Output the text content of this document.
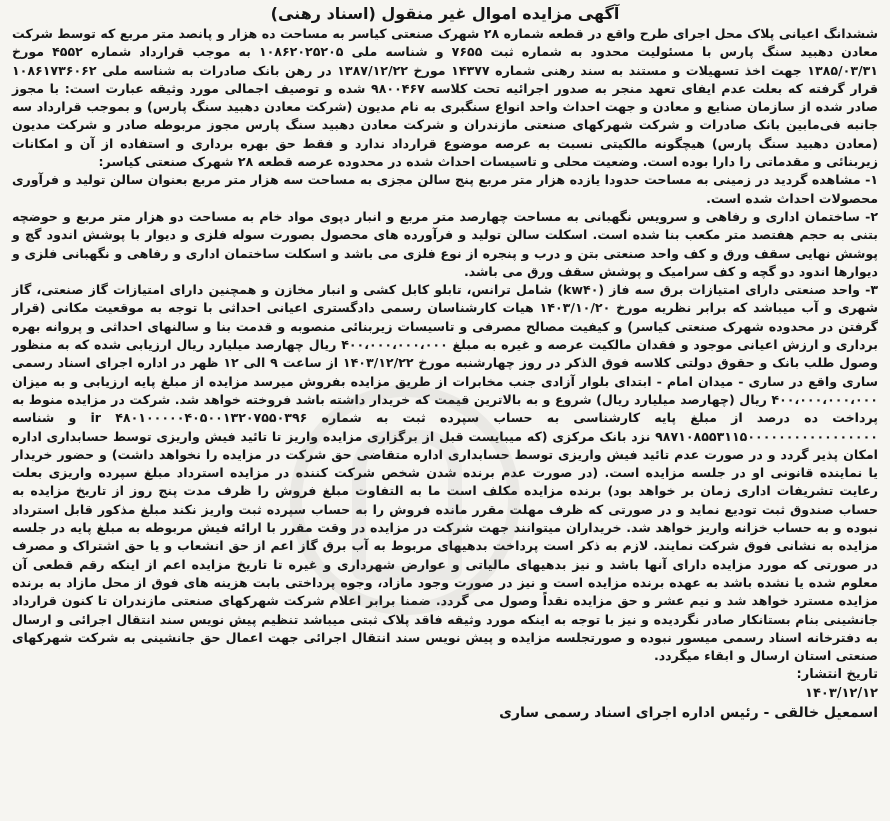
آگهی مزایده اموال غیر منقول (اسناد رهنی)

ششدانگ اعیانی پلاک محل اجرای طرح واقع در قطعه شماره ۲۸ شهرک صنعتی کیاسر به مساحت ده هزار و پانصد متر مربع که توسط شرکت معادن دهبید سنگ پارس با مسئولیت محدود به شماره ثبت ۷۶۵۵ و شناسه ملی ۱۰۸۶۲۰۲۵۲۰۵ به موجب قرارداد شماره ۴۵۵۲ مورخ ۱۳۸۵/۰۳/۳۱ جهت اخذ تسهیلات و مستند به سند رهنی شماره ۱۴۳۷۷ مورخ ۱۳۸۷/۱۲/۲۲ در رهن بانک صادرات به شناسه ملی ۱۰۸۶۱۷۳۶۰۶۲ قرار گرفته که بعلت عدم ایفای تعهد منجر به صدور اجرائیه تحت کلاسه ۹۸۰۰۴۶۷ شده و توصیف اجمالی مورد وثیقه عبارت است: با مجوز صادر شده از سازمان صنایع و معادن و جهت احداث واحد انواع سنگبری به نام مدیون (شرکت معادن دهبید سنگ پارس) و بموجب قرارداد سه جانبه فی‌مابین بانک صادرات و شرکت شهرکهای صنعتی مازندران و شرکت معادن دهبید سنگ پارس مجوز مربوطه صادر و شرکت مدیون (معادن دهبید سنگ پارس) هیچگونه مالکیتی نسبت به عرصه موضوع قرارداد ندارد و فقط حق بهره برداری و استفاده از آن و امکانات زیربنائی و مقدماتی را دارا بوده است. وضعیت محلی و تاسیسات احداث شده در محدوده عرصه قطعه ۲۸ شهرک صنعتی کیاسر:

۱- مشاهده گردید در زمینی به مساحت حدودا یازده هزار متر مربع پنج سالن مجزی به مساحت سه هزار متر مربع بعنوان سالن تولید و فرآوری محصولات احداث شده است.

۲- ساختمان اداری و رفاهی و سرویس نگهبانی به مساحت چهارصد متر مربع و انبار دپوی مواد خام به مساحت دو هزار متر مربع و حوضچه بتنی به حجم هفتصد متر مکعب بنا شده است. اسکلت سالن تولید و فرآورده های محصول بصورت سوله فلزی و دیوار با پوشش اندود گچ و پوشش نهایی سقف ورق و کف واحد صنعتی بتن و درب و پنجره از نوع فلزی می باشد و اسکلت ساختمان اداری و رفاهی و نگهبانی فلزی و دیوارها اندود دو گچه و کف سرامیک و پوشش سقف ورق می باشد.

۳- واحد صنعتی دارای امتیازات برق سه فاز (kw۴۰) شامل ترانس، تابلو کابل کشی و انبار مخازن و همچنین دارای امتیازات گاز صنعتی، گاز شهری و آب میباشد که برابر نظریه مورخ ۱۴۰۳/۱۰/۲۰ هیات کارشناسان رسمی دادگستری اعیانی احداثی با توجه به موقعیت مکانی (قرار گرفتن در محدوده شهرک صنعتی کیاسر) و کیفیت مصالح مصرفی و تاسیسات زیربنائی منصوبه و قدمت بنا و سالنهای احداثی و پروانه بهره برداری و ارزش اعیانی موجود و فقدان مالکیت عرصه و غیره به مبلغ ۴۰۰،۰۰۰،۰۰۰،۰۰۰ ریال چهارصد میلیارد ریال ارزیابی شده که به منظور وصول طلب بانک و حقوق دولتی کلاسه فوق الذکر در روز چهارشنبه مورخ ۱۴۰۳/۱۲/۲۲ از ساعت ۹ الی ۱۲ ظهر در اداره اجرای اسناد رسمی ساری واقع در ساری - میدان امام - ابتدای بلوار آزادی جنب مخابرات از طریق مزایده بفروش میرسد مزایده از مبلغ پایه ارزیابی و به میزان ۴۰۰،۰۰۰،۰۰۰،۰۰۰ ریال (چهارصد میلیارد ریال) شروع و به بالاترین قیمت که خریدار داشته باشد فروخته خواهد شد. شرکت در مزایده منوط به پرداخت ده درصد از مبلغ پایه کارشناسی به حساب سپرده ثبت به شماره ۴۸۰۱۰۰۰۰۰۴۰۵۰۰۱۳۲۰۷۵۵۰۳۹۶ ir و شناسه ۹۸۷۱۰۸۵۵۳۱۱۵۰۰۰۰۰۰۰۰۰۰۰۰۰۰۰۰۰ نزد بانک مرکزی (که میبایست قبل از برگزاری مزایده واریز تا تائید فیش واریزی توسط حسابداری اداره امکان پذیر گردد و در صورت عدم تائید فیش واریزی توسط حسابداری اداره متقاضی حق شرکت در مزایده را نخواهد داشت) و حضور خریدار یا نماینده قانونی او در جلسه مزایده است. (در صورت عدم برنده شدن شخص شرکت کننده در مزایده استرداد مبلغ سپرده واریزی بعلت رعایت تشریفات اداری زمان بر خواهد بود) برنده مزایده مکلف است ما به التفاوت مبلغ فروش را ظرف مدت پنج روز از تاریخ مزایده به حساب صندوق ثبت تودیع نماید و در صورتی که ظرف مهلت مقرر مانده فروش را به حساب سپرده ثبت واریز نکند مبلغ مذکور قابل استرداد نبوده و به حساب خزانه واریز خواهد شد. خریداران میتوانند جهت شرکت در مزایده در وقت مقرر با ارائه فیش مربوطه به مبلغ پایه در جلسه مزایده به نشانی فوق شرکت نمایند. لازم به ذکر است پرداخت بدهیهای مربوط به آب برق گاز اعم از حق انشعاب و یا حق اشتراک و مصرف در صورتی که مورد مزایده دارای آنها باشد و نیز بدهیهای مالیاتی و عوارض شهرداری و غیره تا تاریخ مزایده اعم از اینکه رقم قطعی آن معلوم شده یا نشده باشد به عهده برنده مزایده است و نیز در صورت وجود مازاد، وجوه پرداختی بابت هزینه های فوق از محل مازاد به برنده مزایده مسترد خواهد شد و نیم عشر و حق مزایده نقداً وصول می گردد. ضمنا برابر اعلام شرکت شهرکهای صنعتی مازندران تا کنون قرارداد جانشینی بنام بستانکار صادر نگردیده و نیز با توجه به اینکه مورد وثیقه فاقد پلاک ثبتی میباشد تنظیم پیش نویس سند انتقال اجرائی و ارسال به دفترخانه اسناد رسمی میسور نبوده و صورتجلسه مزایده و پیش نویس سند انتقال اجرائی جهت اعمال حق جانشینی به شرکت شهرکهای صنعتی استان ارسال و ابقاء میگردد.

تاریخ انتشار:
۱۴۰۳/۱۲/۱۲
اسمعیل خالقی - رئیس اداره اجرای اسناد رسمی ساری
